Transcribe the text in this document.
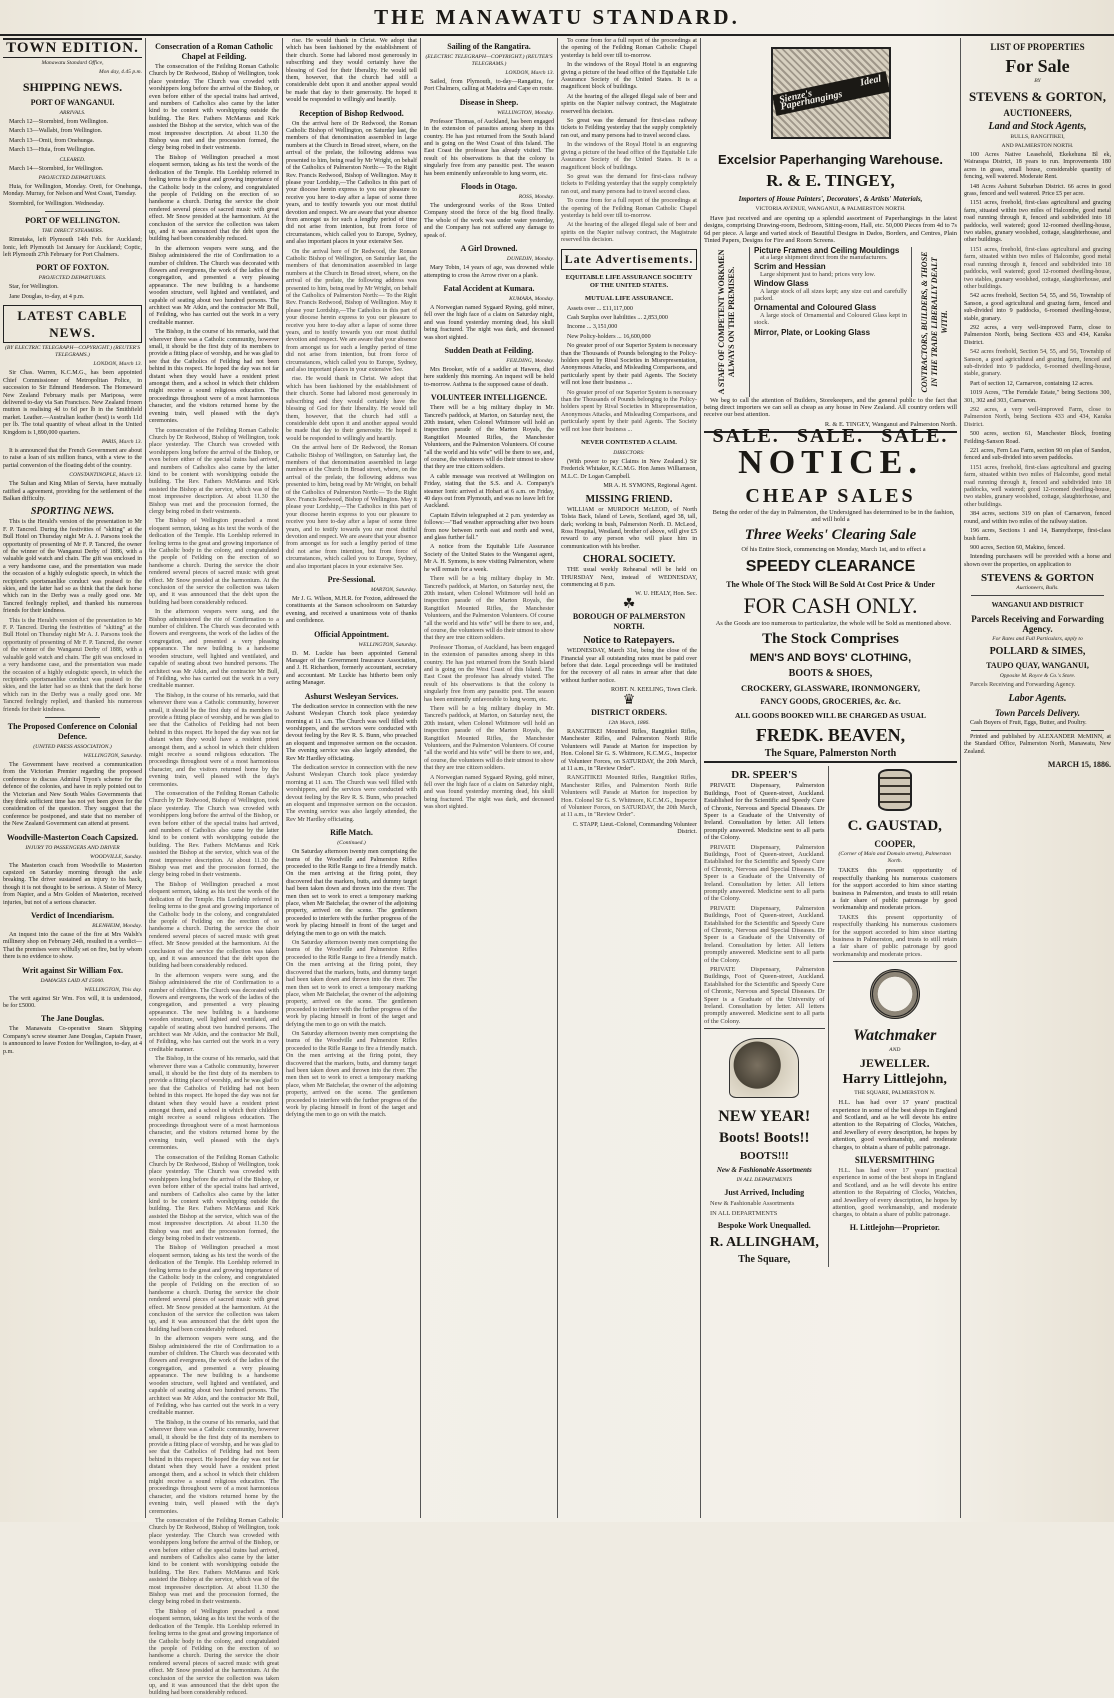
THE MANAWATU STANDARD.
TOWN EDITION.
Manawatu Standard Office,
Mon day, 4.45 p.m.
SHIPPING NEWS.
PORT OF WANGANUI.
ARRIVALS.

March 12—Stormbird, from Wellington.

March 13—Wallabi, from Wellington.

March 13—Omii, from Onehunga.

March 13—Huia, from Wellington.

CLEARED.

March 14—Stormbird, for Wellington.

PROJECTED DEPARTURES.

Huia, for Wellington, Monday. Oreti, for Onehunga, Monday. Murray, for Nelson and West Coast, Tuesday.

Stormbird, for Wellington. Wednesday.

PORT OF WELLINGTON.
THE DIRECT STEAMERS.

Rimutaka, left Plymouth 14th Feb. for Auckland; Ionic, left Plymouth 1st January for Auckland; Coptic, left Plymouth 27th February for Port Chalmers.

PORT OF FOXTON.
PROJECTED DEPARTURES.

Star, for Wellington.

Jane Douglas, to-day, at 4 p.m.

LATEST CABLE NEWS.
(BY ELECTRIC TELEGRAPH—COPYRIGHT.) (REUTER'S TELEGRAMS.)
LONDON, March 13.

Sir Chas. Warren, K.C.M.G., has been appointed Chief Commissioner of Metropolitan Police, in succession to Sir Edmund Henderson. The Homeward New Zealand February mails per Mariposa, were delivered to-day via San Francisco. New Zealand frozen mutton is realising 4d to 6d per lb in the Smithfield market. Leather.—Australian leather (best) is worth 11d per lb. The total quantity of wheat afloat in the United Kingdom is 1,890,000 quarters.

PARIS, March 13.

It is announced that the French Government are about to raise a loan of six million francs, with a view to the partial conversion of the floating debt of the country.

CONSTANTINOPLE, March 13.

The Sultan and King Milan of Servia, have mutually ratified a agreement, providing for the settlement of the Balkan difficulty.

SPORTING NEWS.

This is the Herald's version of the presentation to Mr F. P. Tancred. During the festivities of "skiting" at the Bull Hotel on Thursday night Mr A. J. Parsons took the opportunity of presenting of Mr F. P. Tancred, the owner of the winner of the Wanganui Derby of 1886, with a valuable gold watch and chain. The gift was enclosed in a very handsome case, and the presentation was made the occasion of a highly eulogistic speech, in which the recipient's sportsmanlike conduct was praised to the skies, and the latter had so as think that the dark horse which ran in the Derby was a really good one. Mr Tancred feelingly replied, and thanked his numerous friends for their kindness.

This is the Herald's version of the presentation to Mr F. P. Tancred. During the festivities of "skiting" at the Bull Hotel on Thursday night Mr A. J. Parsons took the opportunity of presenting of Mr F. P. Tancred, the owner of the winner of the Wanganui Derby of 1886, with a valuable gold watch and chain. The gift was enclosed in a very handsome case, and the presentation was made the occasion of a highly eulogistic speech, in which the recipient's sportsmanlike conduct was praised to the skies, and the latter had so as think that the dark horse which ran in the Derby was a really good one. Mr Tancred feelingly replied, and thanked his numerous friends for their kindness.

The Proposed Conference on Colonial Defence.
(UNITED PRESS ASSOCIATION.)
WELLINGTON, Saturday.

The Government have received a communication from the Victorian Premier regarding the proposed conference to discuss Admiral Tryon's scheme for the defence of the colonies, and have in reply pointed out to the Victorian and New South Wales Governments that they think sufficient time has not yet been given for the consideration of the question. They suggest that the conference be postponed, and state that no member of the New Zealand Government can attend at present.

Woodville-Masterton Coach Capsized.
INJURY TO PASSENGERS AND DRIVER
WOODVILLE, Sunday.

The Masterton coach from Woodville to Masterton capsized on Saturday morning through the axle breaking. The driver sustained an injury to his back, though it is not thought to be serious. A Sister of Mercy from Napier, and a Mrs Golden of Masterton, received injuries, but not of a serious character.

Verdict of Incendiarism.
BLENHEIM, Monday.

An inquest into the cause of the fire at Mrs Walsh's millinery shop on February 24th, resulted in a verdict—That the premises were wilfully set on fire, but by whom there is no evidence to show.

Writ against Sir William Fox.
DAMAGES LAID AT £5000.
WELLINGTON, This day.

The writ against Sir Wm. Fox will, it is understood, be for £5000.

The Jane Douglas.

The Manawatu Co-operative Steam Shipping Company's screw steamer Jane Douglas, Captain Fraser, is announced to leave Foxton for Wellington, to-day, at 4 p.m.

Consecration of a Roman Catholic Chapel at Feilding.

The consecration of the Feilding Roman Catholic Church by Dr Redwood, Bishop of Wellington, took place yesterday. The Church was crowded with worshippers long before the arrival of the Bishop, or even before either of the special trains had arrived, and numbers of Catholics also came by the latter kind to be content with worshipping outside the building. The Rev. Fathers McManus and Kirk assisted the Bishop at the service, which was of the most impressive description. At about 11.30 the Bishop was met and the procession formed, the clergy being robed in their vestments.

The Bishop of Wellington preached a most eloquent sermon, taking as his text the words of the dedication of the Temple. His Lordship referred in feeling terms to the great and growing importance of the Catholic body in the colony, and congratulated the people of Feilding on the erection of so handsome a church. During the service the choir rendered several pieces of sacred music with great effect. Mr Snow presided at the harmonium. At the conclusion of the service the collection was taken up, and it was announced that the debt upon the building had been considerably reduced.

In the afternoon vespers were sung, and the Bishop administered the rite of Confirmation to a number of children. The Church was decorated with flowers and evergreens, the work of the ladies of the congregation, and presented a very pleasing appearance. The new building is a handsome wooden structure, well lighted and ventilated, and capable of seating about two hundred persons. The architect was Mr Atkin, and the contractor Mr Bull, of Feilding, who has carried out the work in a very creditable manner.

The Bishop, in the course of his remarks, said that wherever there was a Catholic community, however small, it should be the first duty of its members to provide a fitting place of worship, and he was glad to see that the Catholics of Feilding had not been behind in this respect. He hoped the day was not far distant when they would have a resident priest amongst them, and a school in which their children might receive a sound religious education. The proceedings throughout were of a most harmonious character, and the visitors returned home by the evening train, well pleased with the day's ceremonies.

The consecration of the Feilding Roman Catholic Church by Dr Redwood, Bishop of Wellington, took place yesterday. The Church was crowded with worshippers long before the arrival of the Bishop, or even before either of the special trains had arrived, and numbers of Catholics also came by the latter kind to be content with worshipping outside the building. The Rev. Fathers McManus and Kirk assisted the Bishop at the service, which was of the most impressive description. At about 11.30 the Bishop was met and the procession formed, the clergy being robed in their vestments.

The Bishop of Wellington preached a most eloquent sermon, taking as his text the words of the dedication of the Temple. His Lordship referred in feeling terms to the great and growing importance of the Catholic body in the colony, and congratulated the people of Feilding on the erection of so handsome a church. During the service the choir rendered several pieces of sacred music with great effect. Mr Snow presided at the harmonium. At the conclusion of the service the collection was taken up, and it was announced that the debt upon the building had been considerably reduced.

In the afternoon vespers were sung, and the Bishop administered the rite of Confirmation to a number of children. The Church was decorated with flowers and evergreens, the work of the ladies of the congregation, and presented a very pleasing appearance. The new building is a handsome wooden structure, well lighted and ventilated, and capable of seating about two hundred persons. The architect was Mr Atkin, and the contractor Mr Bull, of Feilding, who has carried out the work in a very creditable manner.

The Bishop, in the course of his remarks, said that wherever there was a Catholic community, however small, it should be the first duty of its members to provide a fitting place of worship, and he was glad to see that the Catholics of Feilding had not been behind in this respect. He hoped the day was not far distant when they would have a resident priest amongst them, and a school in which their children might receive a sound religious education. The proceedings throughout were of a most harmonious character, and the visitors returned home by the evening train, well pleased with the day's ceremonies.

The consecration of the Feilding Roman Catholic Church by Dr Redwood, Bishop of Wellington, took place yesterday. The Church was crowded with worshippers long before the arrival of the Bishop, or even before either of the special trains had arrived, and numbers of Catholics also came by the latter kind to be content with worshipping outside the building. The Rev. Fathers McManus and Kirk assisted the Bishop at the service, which was of the most impressive description. At about 11.30 the Bishop was met and the procession formed, the clergy being robed in their vestments.

The Bishop of Wellington preached a most eloquent sermon, taking as his text the words of the dedication of the Temple. His Lordship referred in feeling terms to the great and growing importance of the Catholic body in the colony, and congratulated the people of Feilding on the erection of so handsome a church. During the service the choir rendered several pieces of sacred music with great effect. Mr Snow presided at the harmonium. At the conclusion of the service the collection was taken up, and it was announced that the debt upon the building had been considerably reduced.

In the afternoon vespers were sung, and the Bishop administered the rite of Confirmation to a number of children. The Church was decorated with flowers and evergreens, the work of the ladies of the congregation, and presented a very pleasing appearance. The new building is a handsome wooden structure, well lighted and ventilated, and capable of seating about two hundred persons. The architect was Mr Atkin, and the contractor Mr Bull, of Feilding, who has carried out the work in a very creditable manner.

The Bishop, in the course of his remarks, said that wherever there was a Catholic community, however small, it should be the first duty of its members to provide a fitting place of worship, and he was glad to see that the Catholics of Feilding had not been behind in this respect. He hoped the day was not far distant when they would have a resident priest amongst them, and a school in which their children might receive a sound religious education. The proceedings throughout were of a most harmonious character, and the visitors returned home by the evening train, well pleased with the day's ceremonies.

The consecration of the Feilding Roman Catholic Church by Dr Redwood, Bishop of Wellington, took place yesterday. The Church was crowded with worshippers long before the arrival of the Bishop, or even before either of the special trains had arrived, and numbers of Catholics also came by the latter kind to be content with worshipping outside the building. The Rev. Fathers McManus and Kirk assisted the Bishop at the service, which was of the most impressive description. At about 11.30 the Bishop was met and the procession formed, the clergy being robed in their vestments.

The Bishop of Wellington preached a most eloquent sermon, taking as his text the words of the dedication of the Temple. His Lordship referred in feeling terms to the great and growing importance of the Catholic body in the colony, and congratulated the people of Feilding on the erection of so handsome a church. During the service the choir rendered several pieces of sacred music with great effect. Mr Snow presided at the harmonium. At the conclusion of the service the collection was taken up, and it was announced that the debt upon the building had been considerably reduced.

In the afternoon vespers were sung, and the Bishop administered the rite of Confirmation to a number of children. The Church was decorated with flowers and evergreens, the work of the ladies of the congregation, and presented a very pleasing appearance. The new building is a handsome wooden structure, well lighted and ventilated, and capable of seating about two hundred persons. The architect was Mr Atkin, and the contractor Mr Bull, of Feilding, who has carried out the work in a very creditable manner.

The Bishop, in the course of his remarks, said that wherever there was a Catholic community, however small, it should be the first duty of its members to provide a fitting place of worship, and he was glad to see that the Catholics of Feilding had not been behind in this respect. He hoped the day was not far distant when they would have a resident priest amongst them, and a school in which their children might receive a sound religious education. The proceedings throughout were of a most harmonious character, and the visitors returned home by the evening train, well pleased with the day's ceremonies.

The consecration of the Feilding Roman Catholic Church by Dr Redwood, Bishop of Wellington, took place yesterday. The Church was crowded with worshippers long before the arrival of the Bishop, or even before either of the special trains had arrived, and numbers of Catholics also came by the latter kind to be content with worshipping outside the building. The Rev. Fathers McManus and Kirk assisted the Bishop at the service, which was of the most impressive description. At about 11.30 the Bishop was met and the procession formed, the clergy being robed in their vestments.

The Bishop of Wellington preached a most eloquent sermon, taking as his text the words of the dedication of the Temple. His Lordship referred in feeling terms to the great and growing importance of the Catholic body in the colony, and congratulated the people of Feilding on the erection of so handsome a church. During the service the choir rendered several pieces of sacred music with great effect. Mr Snow presided at the harmonium. At the conclusion of the service the collection was taken up, and it was announced that the debt upon the building had been considerably reduced.

rise. He would thank in Christ. We adopt that which has been fashioned by the establishment of their church. Some had labored most generously in subscribing and they would certainly have the blessing of God for their liberality. He would tell them, however, that the church had still a considerable debt upon it and another appeal would be made that day to their generosity. He hoped it would be responded to willingly and heartily.

Reception of Bishop Redwood.

On the arrival here of Dr Redwood, the Roman Catholic Bishop of Wellington, on Saturday last, the members of that denomination assembled in large numbers at the Church in Broad street, where, on the arrival of the prelate, the following address was presented to him, being read by Mr Wright, on behalf of the Catholics of Palmerston North:— To the Right Rev. Francis Redwood, Bishop of Wellington. May it please your Lordship,—The Catholics in this part of your diocese herein express to you our pleasure to receive you here to-day after a lapse of some three years, and to testify towards you our most dutiful devotion and respect. We are aware that your absence from amongst us for such a lengthy period of time did not arise from intention, but from force of circumstances, which called you to Europe, Sydney, and also important places in your extensive See.

On the arrival here of Dr Redwood, the Roman Catholic Bishop of Wellington, on Saturday last, the members of that denomination assembled in large numbers at the Church in Broad street, where, on the arrival of the prelate, the following address was presented to him, being read by Mr Wright, on behalf of the Catholics of Palmerston North:— To the Right Rev. Francis Redwood, Bishop of Wellington. May it please your Lordship,—The Catholics in this part of your diocese herein express to you our pleasure to receive you here to-day after a lapse of some three years, and to testify towards you our most dutiful devotion and respect. We are aware that your absence from amongst us for such a lengthy period of time did not arise from intention, but from force of circumstances, which called you to Europe, Sydney, and also important places in your extensive See.

rise. He would thank in Christ. We adopt that which has been fashioned by the establishment of their church. Some had labored most generously in subscribing and they would certainly have the blessing of God for their liberality. He would tell them, however, that the church had still a considerable debt upon it and another appeal would be made that day to their generosity. He hoped it would be responded to willingly and heartily.

On the arrival here of Dr Redwood, the Roman Catholic Bishop of Wellington, on Saturday last, the members of that denomination assembled in large numbers at the Church in Broad street, where, on the arrival of the prelate, the following address was presented to him, being read by Mr Wright, on behalf of the Catholics of Palmerston North:— To the Right Rev. Francis Redwood, Bishop of Wellington. May it please your Lordship,—The Catholics in this part of your diocese herein express to you our pleasure to receive you here to-day after a lapse of some three years, and to testify towards you our most dutiful devotion and respect. We are aware that your absence from amongst us for such a lengthy period of time did not arise from intention, but from force of circumstances, which called you to Europe, Sydney, and also important places in your extensive See.

Pre-Sessional.
MARTON, Saturday.

Mr J. G. Wilson, M.H.R. for Foxton, addressed the constituents at the Sanson schoolroom on Saturday evening, and received a unanimous vote of thanks and confidence.

Official Appointment.
WELLINGTON, Saturday.

D. M. Luckie has been appointed General Manager of the Government Insurance Association, and J. H. Richardson, formerly accountant, secretary and accountant. Mr Luckie has hitherto been only acting Manager.

Ashurst Wesleyan Services.

The dedication service in connection with the new Ashurst Wesleyan Church took place yesterday morning at 11 a.m. The Church was well filled with worshippers, and the services were conducted with devout feeling by the Rev R. S. Bunn, who preached an eloquent and impressive sermon on the occasion. The evening service was also largely attended, the Rev Mr Hardley officiating.

The dedication service in connection with the new Ashurst Wesleyan Church took place yesterday morning at 11 a.m. The Church was well filled with worshippers, and the services were conducted with devout feeling by the Rev R. S. Bunn, who preached an eloquent and impressive sermon on the occasion. The evening service was also largely attended, the Rev Mr Hardley officiating.

Rifle Match.
(Continued.)

On Saturday afternoon twenty men comprising the teams of the Woodville and Palmerston Rifles proceeded to the Rifle Range to fire a friendly match. On the men arriving at the firing point, they discovered that the markers, butts, and dummy target had been taken down and thrown into the river. The men then set to work to erect a temporary marking place, when Mr Batchelar, the owner of the adjoining property, arrived on the scene. The gentlemen proceeded to interfere with the further progress of the work by placing himself in front of the target and defying the men to go on with the match.

On Saturday afternoon twenty men comprising the teams of the Woodville and Palmerston Rifles proceeded to the Rifle Range to fire a friendly match. On the men arriving at the firing point, they discovered that the markers, butts, and dummy target had been taken down and thrown into the river. The men then set to work to erect a temporary marking place, when Mr Batchelar, the owner of the adjoining property, arrived on the scene. The gentlemen proceeded to interfere with the further progress of the work by placing himself in front of the target and defying the men to go on with the match.

On Saturday afternoon twenty men comprising the teams of the Woodville and Palmerston Rifles proceeded to the Rifle Range to fire a friendly match. On the men arriving at the firing point, they discovered that the markers, butts, and dummy target had been taken down and thrown into the river. The men then set to work to erect a temporary marking place, when Mr Batchelar, the owner of the adjoining property, arrived on the scene. The gentlemen proceeded to interfere with the further progress of the work by placing himself in front of the target and defying the men to go on with the match.

Sailing of the Rangatira.
(ELECTRIC TELEGRAPH—COPYRIGHT.) (REUTER'S TELEGRAMS.)
LONDON, March 13.

Sailed, from Plymouth, to-day—Rangatira, for Port Chalmers, calling at Madeira and Cape en route.

Disease in Sheep.
WELLINGTON, Monday.

Professor Thomas, of Auckland, has been engaged in the extension of parasites among sheep in this country. He has just returned from the South Island and is going on the West Coast of this Island. The East Coast the professor has already visited. The result of his observations is that the colony is singularly free from any parasitic pest. The season has been eminently unfavorable to lung worm, etc.

Floods in Otago.
ROSS, Monday.

The underground works of the Ross United Company stood the force of the big flood finally. The whole of the work was under water yesterday, and the Company has not suffered any damage to speak of.

A Girl Drowned.
DUNEDIN, Monday.

Mary Tobin, 14 years of age, was drowned while attempting to cross the Arrow river on a plank.

Fatal Accident at Kumara.
KUMARA, Monday.

A Norwegian named Sygaard Rysing, gold miner, fell over the high face of a claim on Saturday night, and was found yesterday morning dead, his skull being fractured. The night was dark, and deceased was short sighted.

Sudden Death at Feilding.
FEILDING, Monday.

Mrs Brooker, wife of a saddler at Hawera, died here suddenly this morning. An inquest will be held to-morrow. Asthma is the supposed cause of death.

VOLUNTEER INTELLIGENCE.

There will be a big military display in Mr. Tancred's paddock, at Marton, on Saturday next, the 20th instant, when Colonel Whitmore will hold an inspection parade of the Marton Royals, the Rangitikei Mounted Rifles, the Manchester Volunteers, and the Palmerston Volunteers. Of course "all the world and his wife" will be there to see, and, of course, the volunteers will do their utmost to show that they are true citizen soldiers.

A cable message was received at Wellington on Friday, stating that the S.S. and A. Company's steamer Ionic arrived at Hobart at 6 a.m. on Friday, 40 days out from Plymouth, and was no leave left for Auckland.

Captain Edwin telegraphed at 2 p.m. yesterday as follows:—"Bad weather approaching after two hours from now between north east and north and west, and glass further fall."

A notice from the Equitable Life Assurance Society of the United States to the Wanganui agent, Mr A. H. Symons, is now visiting Palmerston, where he will remain for a week.

There will be a big military display in Mr. Tancred's paddock, at Marton, on Saturday next, the 20th instant, when Colonel Whitmore will hold an inspection parade of the Marton Royals, the Rangitikei Mounted Rifles, the Manchester Volunteers, and the Palmerston Volunteers. Of course "all the world and his wife" will be there to see, and, of course, the volunteers will do their utmost to show that they are true citizen soldiers.

Professor Thomas, of Auckland, has been engaged in the extension of parasites among sheep in this country. He has just returned from the South Island and is going on the West Coast of this Island. The East Coast the professor has already visited. The result of his observations is that the colony is singularly free from any parasitic pest. The season has been eminently unfavorable to lung worm, etc.

There will be a big military display in Mr. Tancred's paddock, at Marton, on Saturday next, the 20th instant, when Colonel Whitmore will hold an inspection parade of the Marton Royals, the Rangitikei Mounted Rifles, the Manchester Volunteers, and the Palmerston Volunteers. Of course "all the world and his wife" will be there to see, and, of course, the volunteers will do their utmost to show that they are true citizen soldiers.

A Norwegian named Sygaard Rysing, gold miner, fell over the high face of a claim on Saturday night, and was found yesterday morning dead, his skull being fractured. The night was dark, and deceased was short sighted.

To come from for a full report of the proceedings at the opening of the Feilding Roman Catholic Chapel yesterday is held over till to-morrow.

In the windows of the Royal Hotel is an engraving giving a picture of the head office of the Equitable Life Assurance Society of the United States. It is a magnificent block of buildings.

At the hearing of the alleged illegal sale of beer and spirits on the Napier railway contract, the Magistrate reserved his decision.

So great was the demand for first-class railway tickets to Feilding yesterday that the supply completely ran out, and many persons had to travel second class.

In the windows of the Royal Hotel is an engraving giving a picture of the head office of the Equitable Life Assurance Society of the United States. It is a magnificent block of buildings.

So great was the demand for first-class railway tickets to Feilding yesterday that the supply completely ran out, and many persons had to travel second class.

To come from for a full report of the proceedings at the opening of the Feilding Roman Catholic Chapel yesterday is held over till to-morrow.

At the hearing of the alleged illegal sale of beer and spirits on the Napier railway contract, the Magistrate reserved his decision.

Late Advertisements.
EQUITABLE LIFE ASSURANCE SOCIETY OF THE UNITED STATES.
MUTUAL LIFE ASSURANCE.

Assets over ... £11,117,000

Cash Surplus over liabilities ... 2,853,000

Income ... 3,151,000

New Policy-holders ... 16,600,000

No greater proof of our Superior System is necessary than the Thousands of Pounds belonging to the Policy-holders spent by Rival Societies in Misrepresentation, Anonymous Attacks, and Misleading Comparisons, and particularly spent by their paid Agents. The Society will not lose their business ...

No greater proof of our Superior System is necessary than the Thousands of Pounds belonging to the Policy-holders spent by Rival Societies in Misrepresentation, Anonymous Attacks, and Misleading Comparisons, and particularly spent by their paid Agents. The Society will not lose their business ...

NEVER CONTESTED A CLAIM.
DIRECTORS:

(With power to pay Claims in New Zealand.) Sir Frederick Whitaker, K.C.M.G. Hon James Williamson, M.L.C. Dr Logan Campbell.

MR A. H. SYMONS, Regional Agent.

MISSING FRIEND.

WILLIAM or MURDOCH McLEOD, of North Tolsta Back, Island of Lewis, Scotland, aged 38, tall, dark; working in bush, Palmerston North. D. McLeod, Ross Hospital, Westland, brother of above, will give £5 reward to any person who will place him in communication with his brother.

CHORAL SOCIETY.

THE usual weekly Rehearsal will be held on THURSDAY Next, instead of WEDNESDAY, commencing at 8 p.m.

W. U. HEALY, Hon. Sec.

☘
BOROUGH OF PALMERSTON NORTH.
Notice to Ratepayers.

WEDNESDAY, March 31st, being the close of the Financial year all outstanding rates must be paid over before that date. Legal proceedings will be instituted for the recovery of all rates in arrear after that date without further notice.

ROBT. N. KEELING, Town Clerk.

♛
DISTRICT ORDERS.
12th March, 1886.

RANGITIKEI Mounted Rifles, Rangitikei Rifles, Manchester Rifles, and Palmerston North Rifle Volunteers will Parade at Marton for inspection by Hon. Colonel Sir G. S. Whitmore, K.C.M.G., Inspector of Volunteer Forces, on SATURDAY, the 20th March, at 11 a.m., in "Review Order".

RANGITIKEI Mounted Rifles, Rangitikei Rifles, Manchester Rifles, and Palmerston North Rifle Volunteers will Parade at Marton for inspection by Hon. Colonel Sir G. S. Whitmore, K.C.M.G., Inspector of Volunteer Forces, on SATURDAY, the 20th March, at 11 a.m., in "Review Order".

C. STAPP, Lieut.-Colonel, Commanding Volunteer District.

Sienze's Ideal Paperhangings
Excelsior Paperhanging Warehouse.
R. & E. TINGEY,
Importers of House Painters', Decorators', & Artists' Materials,
VICTORIA AVENUE, WANGANUI, & PALMERSTON NORTH.

Have just received and are opening up a splendid assortment of Paperhangings in the latest designs, comprising Drawing-room, Bedroom, Sitting-room, Hall, etc. 50,000 Pieces from 4d to 7s 6d per piece. A large and varied stock of Beautiful Designs in Dados, Borders, and Centres, Plain Tinted Papers, Designs for Fire and Room Screens.

A STAFF OF COMPETENT WORKMEN ALWAYS ON THE PREMISES.
Picture Frames and Ceiling Mouldings

at a large shipment direct from the manufacturers.

Scrim and Hessian

Large shipment just to hand; prices very low.

Window Glass

A large stock of all sizes kept; any size cut and carefully packed.

Ornamental and Coloured Glass

A large stock of Ornamental and Coloured Glass kept in stock.

Mirror, Plate, or Looking Glass	CONTRACTORS, BUILDERS, & THOSE IN THE TRADE LIBERALLY DEALT WITH.

We beg to call the attention of Builders, Storekeepers, and the general public to the fact that being direct importers we can sell as cheap as any house in New Zealand. All country orders will receive our best attention.

R. & E. TINGEY, Wanganui and Palmerston North.

SALE. SALE. SALE.
NOTICE.
CHEAP SALES

Being the order of the day in Palmerston, the Undersigned has determined to be in the fashion, and will hold a

Three Weeks' Clearing Sale

Of his Entire Stock, commencing on Monday, March 1st, and to effect a

SPEEDY CLEARANCE
The Whole Of The Stock Will Be Sold At Cost Price & Under
FOR CASH ONLY.

As the Goods are too numerous to particularize, the whole will be Sold as mentioned above.

The Stock Comprises
MEN'S AND BOYS' CLOTHING,
BOOTS & SHOES,
CROCKERY, GLASSWARE, IRONMONGERY,
FANCY GOODS, GROCERIES, &c. &c.
ALL GOODS BOOKED WILL BE CHARGED AS USUAL
FREDK. BEAVEN,
The Square, Palmerston North
DR. SPEER'S

PRIVATE Dispensary, Palmerston Buildings, Foot of Queen-street, Auckland. Established for the Scientific and Speedy Cure of Chronic, Nervous and Special Diseases. Dr Speer is a Graduate of the University of Ireland. Consultation by letter. All letters promptly answered. Medicine sent to all parts of the Colony.

PRIVATE Dispensary, Palmerston Buildings, Foot of Queen-street, Auckland. Established for the Scientific and Speedy Cure of Chronic, Nervous and Special Diseases. Dr Speer is a Graduate of the University of Ireland. Consultation by letter. All letters promptly answered. Medicine sent to all parts of the Colony.

PRIVATE Dispensary, Palmerston Buildings, Foot of Queen-street, Auckland. Established for the Scientific and Speedy Cure of Chronic, Nervous and Special Diseases. Dr Speer is a Graduate of the University of Ireland. Consultation by letter. All letters promptly answered. Medicine sent to all parts of the Colony.

PRIVATE Dispensary, Palmerston Buildings, Foot of Queen-street, Auckland. Established for the Scientific and Speedy Cure of Chronic, Nervous and Special Diseases. Dr Speer is a Graduate of the University of Ireland. Consultation by letter. All letters promptly answered. Medicine sent to all parts of the Colony.

NEW YEAR!
Boots! Boots!!
BOOTS!!!
New & Fashionable Assortments
IN ALL DEPARTMENTS
Just Arrived, Including

New & Fashionable Assortments

IN ALL DEPARTMENTS

Bespoke Work Unequalled.
R. ALLINGHAM,
The Square,
C. GAUSTAD,
COOPER,
(Corner of Main and Domain streets), Palmerston North.

TAKES this present opportunity of respectfully thanking his numerous customers for the support accorded to him since starting business in Palmerston, and trusts to still retain a fair share of public patronage by good workmanship and moderate prices.

TAKES this present opportunity of respectfully thanking his numerous customers for the support accorded to him since starting business in Palmerston, and trusts to still retain a fair share of public patronage by good workmanship and moderate prices.

Watchmaker
AND
JEWELLER.
Harry Littlejohn,
THE SQUARE, PALMERSTON N.

H.L. has had over 17 years' practical experience in some of the best shops in England and Scotland, and as he will devote his entire attention to the Repairing of Clocks, Watches, and Jewellery of every description, he hopes by attention, good workmanship, and moderate charges, to obtain a share of public patronage.

SILVERSMITHING

H.L. has had over 17 years' practical experience in some of the best shops in England and Scotland, and as he will devote his entire attention to the Repairing of Clocks, Watches, and Jewellery of every description, he hopes by attention, good workmanship, and moderate charges, to obtain a share of public patronage.

H. Littlejohn—Proprietor.
LIST OF PROPERTIES
For Sale
BY
STEVENS & GORTON,
AUCTIONEERS,
Land and Stock Agents,
BULLS, RANGITIKEI,
AND PALMERSTON NORTH.

100 Acres Native Leasehold, Ekekehuna Bl ek, Wairarapa District, 18 years to run. Improvements 180 acres in grass, small house, considerable quantity of fencing, well watered. Moderate Rent.

148 Acres Ashurst Suburban District. 66 acres in good grass, fenced and well watered. Price £5 per acre.

1151 acres, freehold, first-class agricultural and grazing farm, situated within two miles of Halcombe, good metal road running through it, fenced and subdivided into 18 paddocks, well watered; good 12-roomed dwelling-house, two stables, granary woolshed, cottage, slaughterhouse, and other buildings.

1151 acres, freehold, first-class agricultural and grazing farm, situated within two miles of Halcombe, good metal road running through it, fenced and subdivided into 18 paddocks, well watered; good 12-roomed dwelling-house, two stables, granary woolshed, cottage, slaughterhouse, and other buildings.

542 acres freehold, Section 54, 55, and 56, Township of Sanson, a good agricultural and grazing farm, fenced and sub-divided into 9 paddocks, 6-roomed dwelling-house, stable, granary.

292 acres, a very well-improved Farm, close to Palmerston North, being Sections 433 and 434, Karaka District.

542 acres freehold, Section 54, 55, and 56, Township of Sanson, a good agricultural and grazing farm, fenced and sub-divided into 9 paddocks, 6-roomed dwelling-house, stable, granary.

Part of section 12, Carnarvon, containing 12 acres.

1019 Acres, "The Ferndale Estate," being Sections 300, 301, 302 and 303, Carnarvon.

292 acres, a very well-improved Farm, close to Palmerston North, being Sections 433 and 434, Karaka District.

500 acres, section 61, Manchester Block, fronting Feilding-Sanson Road.

221 acres, Fern Lea Farm, section 90 on plan of Sandon, fenced and sub-divided into seven paddocks.

1151 acres, freehold, first-class agricultural and grazing farm, situated within two miles of Halcombe, good metal road running through it, fenced and subdivided into 18 paddocks, well watered; good 12-roomed dwelling-house, two stables, granary woolshed, cottage, slaughterhouse, and other buildings.

384 acres, sections 319 on plan of Carnarvon, fenced round, and within two miles of the railway station.

196 acres, Sections 1 and 14, Bannythorpe, first-class bush farm.

900 acres, Section 60, Makino, fenced.

Intending purchasers will be provided with a horse and shown over the properties, on application to

STEVENS & GORTON
Auctioneers, Bulls.
WANGANUI AND DISTRICT
Parcels Receiving and Forwarding Agency.
For Rates and Full Particulars, apply to
POLLARD & SIMES,
TAUPO QUAY, WANGANUI,
Opposite M. Royce & Co.'s Store.

Parcels Receiving and Forwarding Agency.

Labor Agents.
Town Parcels Delivery.

Cash Buyers of Fruit, Eggs, Butter, and Poultry.

Printed and published by ALEXANDER McMINN, at the Standard Office, Palmerston North, Manawatu, New Zealand.

MARCH 15, 1886.
